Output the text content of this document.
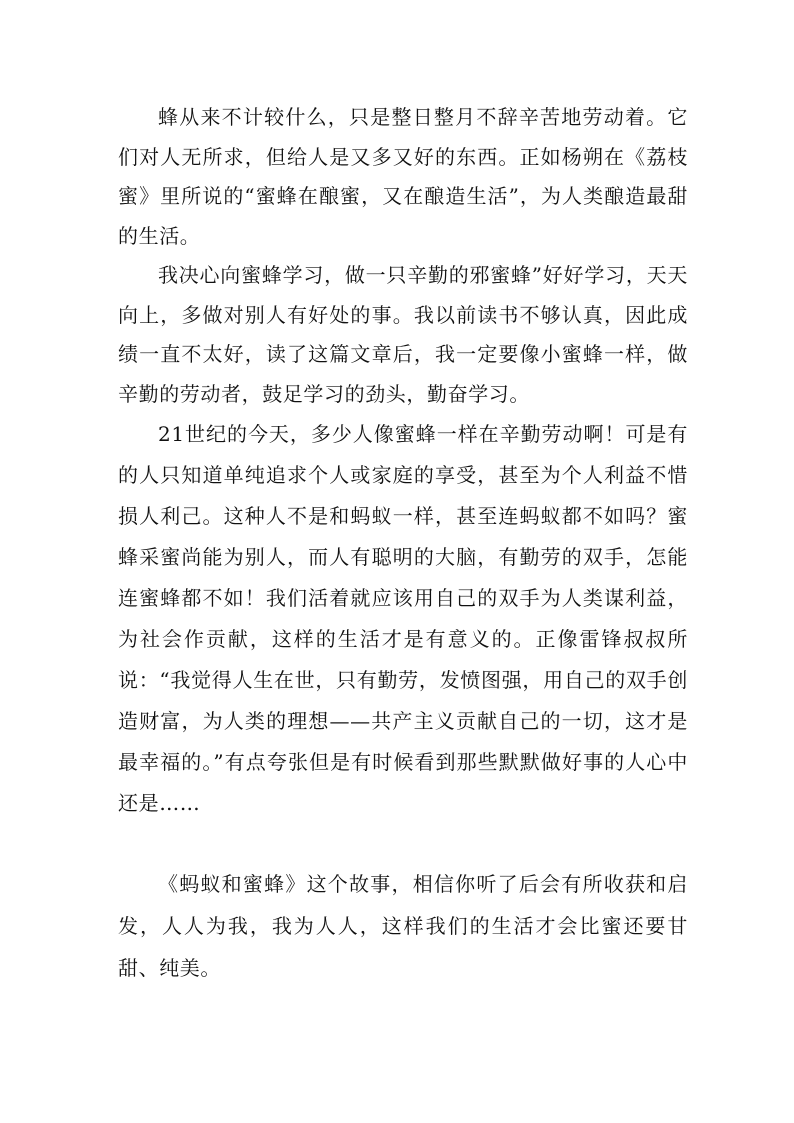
蜂从来不计较什么，只是整日整月不辞辛苦地劳动着。它们对人无所求，但给人是又多又好的东西。正如杨朔在《荔枝蜜》里所说的“蜜蜂在酿蜜，又在酿造生活”，为人类酿造最甜的生活。

我决心向蜜蜂学习，做一只辛勤的邪蜜蜂”好好学习，天天向上，多做对别人有好处的事。我以前读书不够认真，因此成绩一直不太好，读了这篇文章后，我一定要像小蜜蜂一样，做辛勤的劳动者，鼓足学习的劲头，勤奋学习。

21世纪的今天，多少人像蜜蜂一样在辛勤劳动啊！可是有的人只知道单纯追求个人或家庭的享受，甚至为个人利益不惜损人利己。这种人不是和蚂蚁一样，甚至连蚂蚁都不如吗？蜜蜂采蜜尚能为别人，而人有聪明的大脑，有勤劳的双手，怎能连蜜蜂都不如！我们活着就应该用自己的双手为人类谋利益，为社会作贡献，这样的生活才是有意义的。正像雷锋叔叔所说：“我觉得人生在世，只有勤劳，发愤图强，用自己的双手创造财富，为人类的理想——共产主义贡献自己的一切，这才是最幸福的。”有点夸张但是有时候看到那些默默做好事的人心中还是……

《蚂蚁和蜜蜂》这个故事，相信你听了后会有所收获和启发，人人为我，我为人人，这样我们的生活才会比蜜还要甘甜、纯美。
